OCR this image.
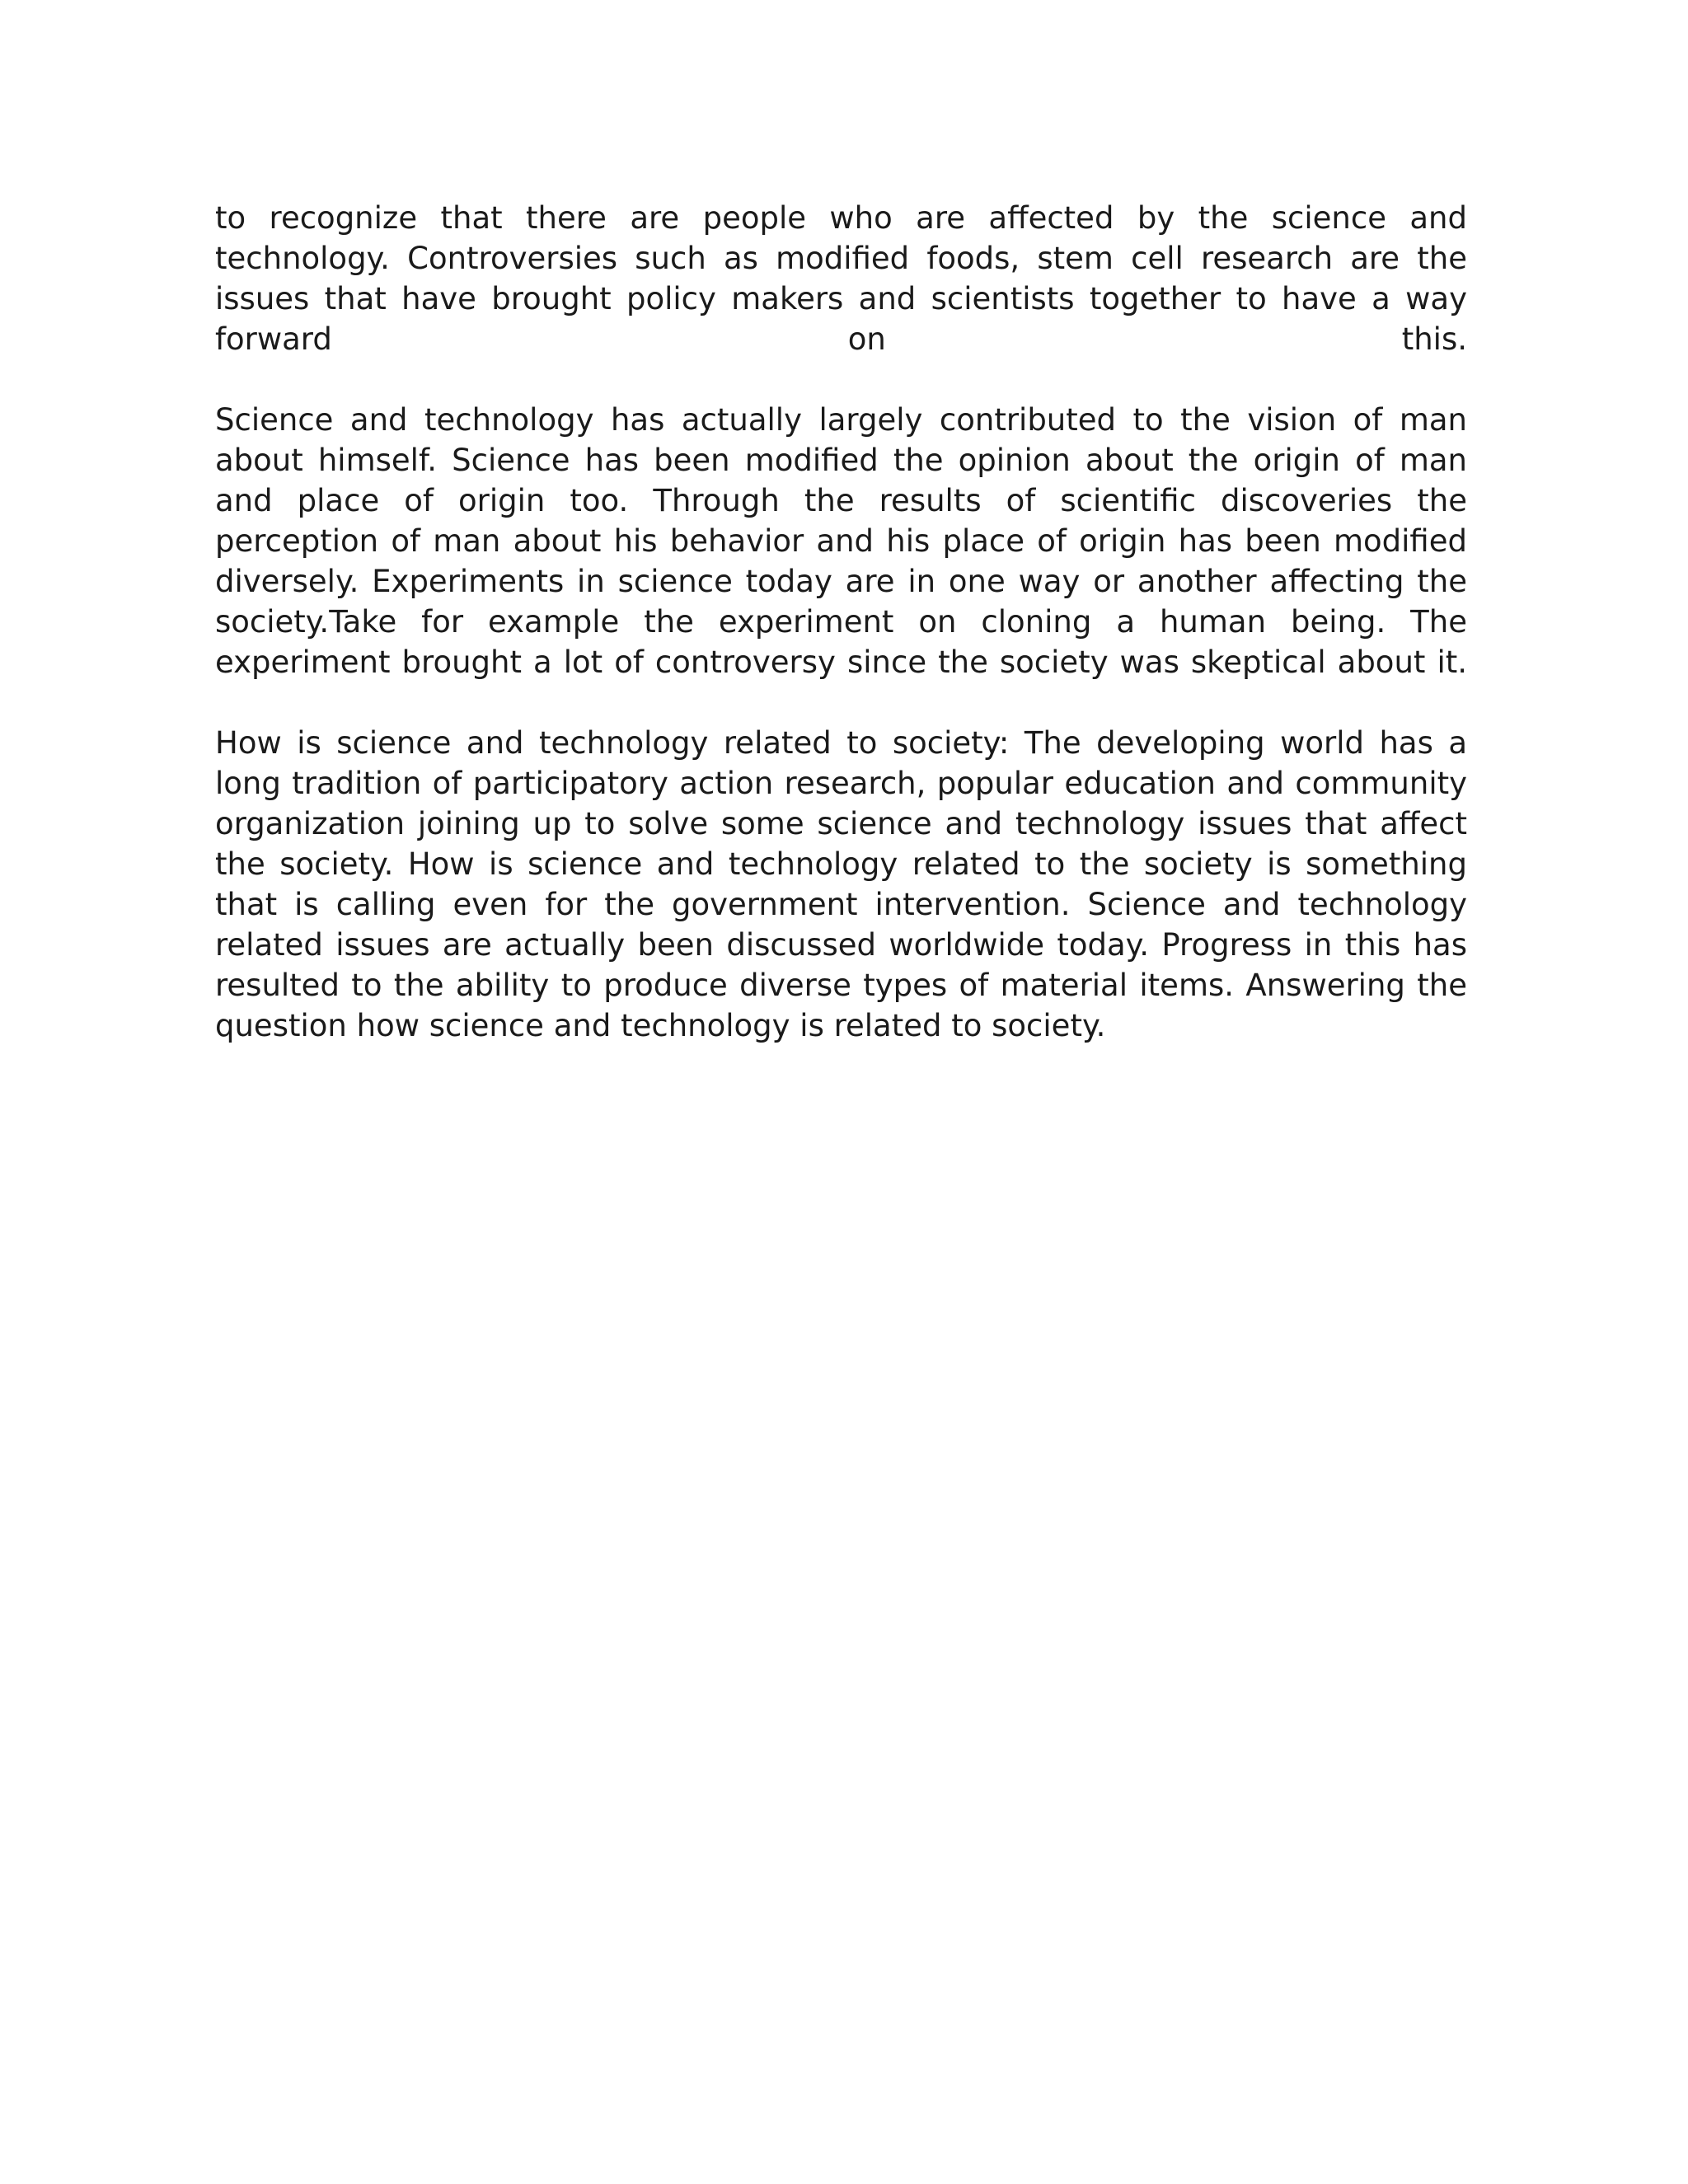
to recognize that there are people who are affected by the science and technology. Controversies such as modified foods, stem cell research are the issues that have brought policy makers and scientists together to have a way forward on this.

Science and technology has actually largely contributed to the vision of man about himself. Science has been modified the opinion about the origin of man and place of origin too. Through the results of scientific discoveries the perception of man about his behavior and his place of origin has been modified diversely. Experiments in science today are in one way or another affecting the society.Take for example the experiment on cloning a human being. The experiment brought a lot of controversy since the society was skeptical about it.

How is science and technology related to society: The developing world has a long tradition of participatory action research, popular education and community organization joining up to solve some science and technology issues that affect the society. How is science and technology related to the society is something that is calling even for the government intervention. Science and technology related issues are actually been discussed worldwide today. Progress in this has resulted to the ability to produce diverse types of material items. Answering the question how science and technology is related to society.
